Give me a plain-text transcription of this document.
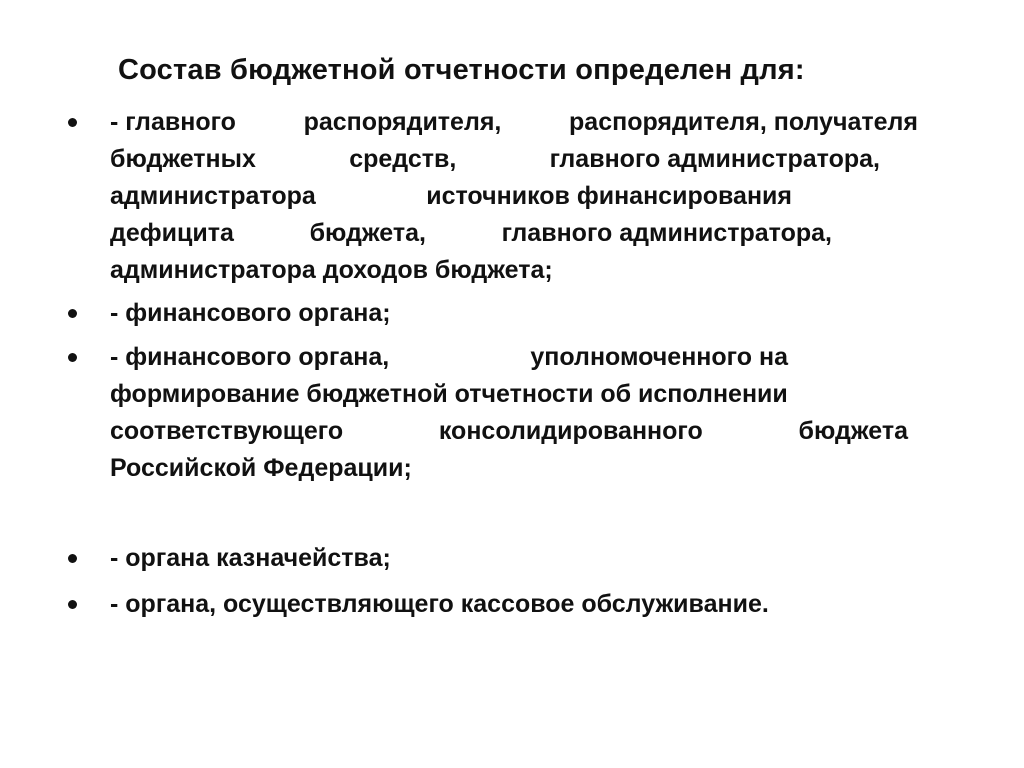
Состав бюджетной отчетности определен для:
- главного	распорядителя,	распорядителя, получателя
бюджетных	средств,	главного администратора,
администратора	источников финансирования
дефицита	бюджета,	главного администратора,
администратора доходов бюджета;
- финансового органа;
- финансового органа,	уполномоченного на
формирование бюджетной отчетности об исполнении
соответствующего	консолидированного	бюджета
Российской Федерации;
- органа казначейства;
- органа, осуществляющего кассовое обслуживание.
